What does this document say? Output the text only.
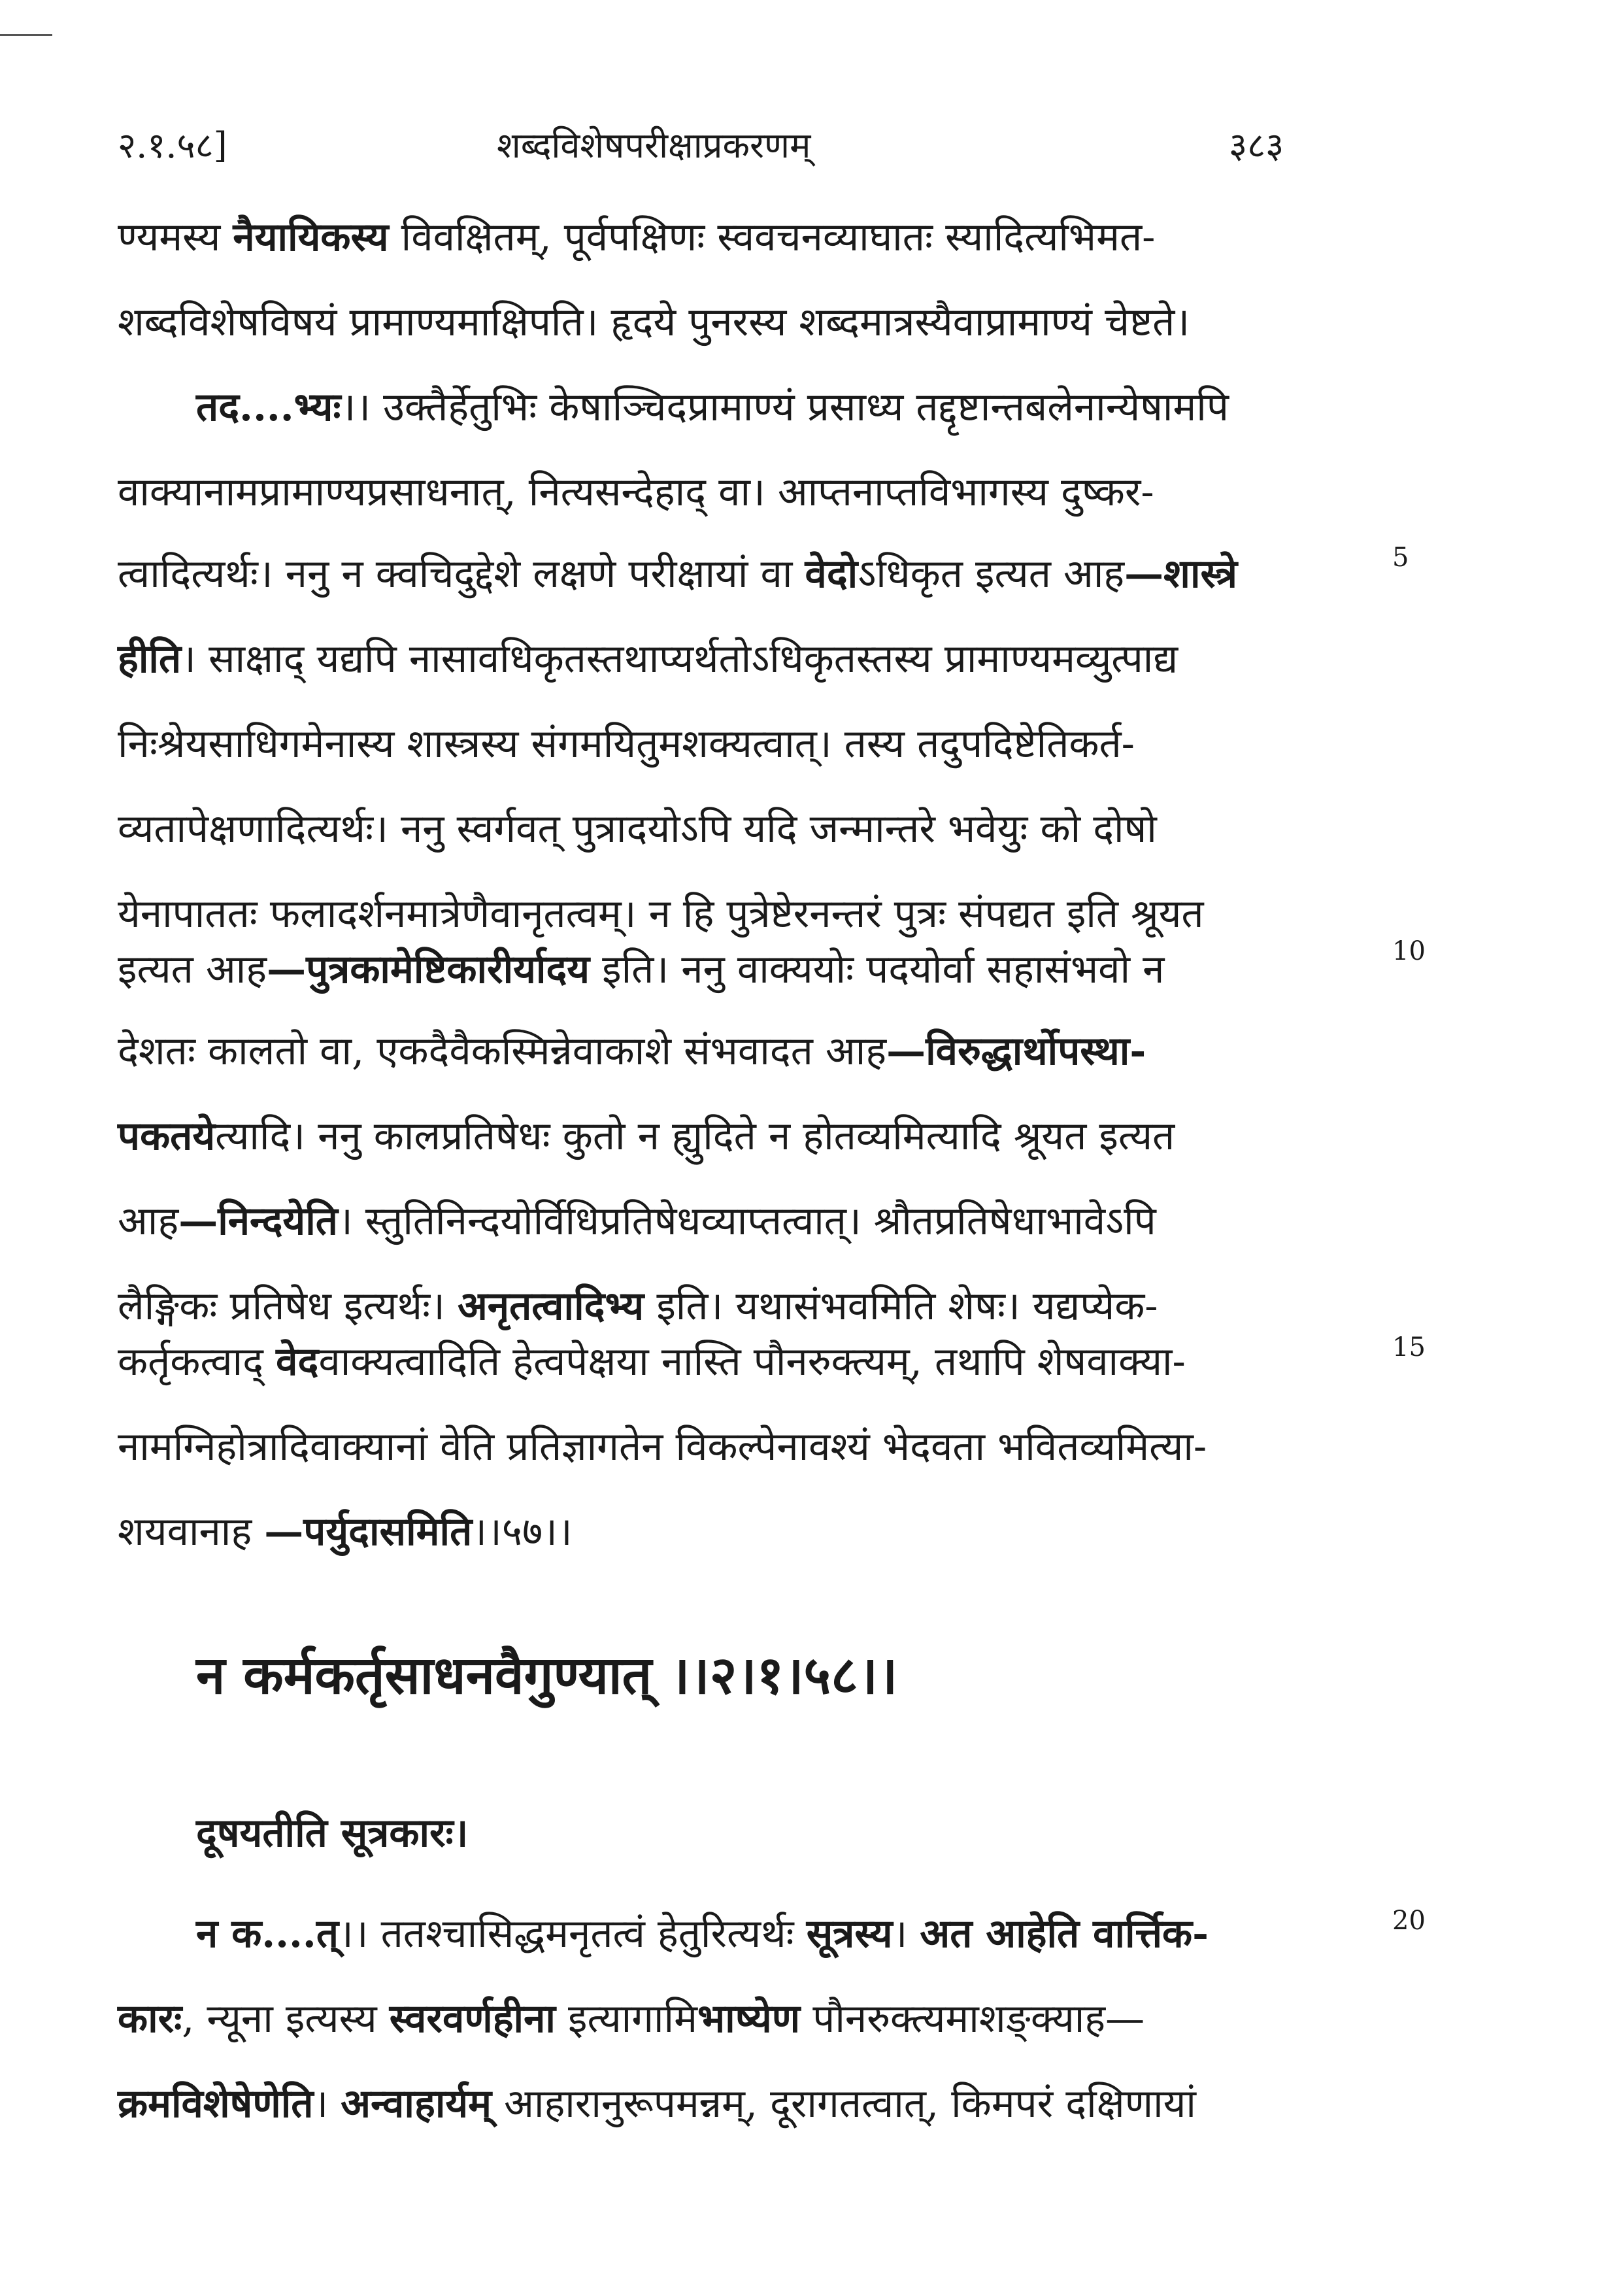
२.१.५८]	शब्दविशेषपरीक्षाप्रकरणम्	३८३
ण्यमस्य नैयायिकस्य विवक्षितम्, पूर्वपक्षिणः स्ववचनव्याघातः स्यादित्यभिमत-
शब्दविशेषविषयं प्रामाण्यमाक्षिपति। हृदये पुनरस्य शब्दमात्रस्यैवाप्रामाण्यं चेष्टते।
तद....भ्यः।। उक्तैर्हेतुभिः केषाञ्चिदप्रामाण्यं प्रसाध्य तद्दृष्टान्तबलेनान्येषामपि
वाक्यानामप्रामाण्यप्रसाधनात्, नित्यसन्देहाद् वा। आप्तनाप्तविभागस्य दुष्कर-
त्वादित्यर्थः। ननु न क्वचिदुद्देशे लक्षणे परीक्षायां वा वेदोऽधिकृत इत्यत आह—शास्त्रे
हीति। साक्षाद् यद्यपि नासावधिकृतस्तथाप्यर्थतोऽधिकृतस्तस्य प्रामाण्यमव्युत्पाद्य
निःश्रेयसाधिगमेनास्य शास्त्रस्य संगमयितुमशक्यत्वात्। तस्य तदुपदिष्टेतिकर्त-
व्यतापेक्षणादित्यर्थः। ननु स्वर्गवत् पुत्रादयोऽपि यदि जन्मान्तरे भवेयुः को दोषो
येनापाततः फलादर्शनमात्रेणैवानृतत्वम्। न हि पुत्रेष्टेरनन्तरं पुत्रः संपद्यत इति श्रूयत
इत्यत आह—पुत्रकामेष्टिकारीर्यादय इति। ननु वाक्ययोः पदयोर्वा सहासंभवो न
देशतः कालतो वा, एकदैवैकस्मिन्नेवाकाशे संभवादत आह—विरुद्धार्थोपस्था-
पकतयेत्यादि। ननु कालप्रतिषेधः कुतो न ह्युदिते न होतव्यमित्यादि श्रूयत इत्यत
आह—निन्दयेति। स्तुतिनिन्दयोर्विधिप्रतिषेधव्याप्तत्वात्। श्रौतप्रतिषेधाभावेऽपि
लैङ्गिकः प्रतिषेध इत्यर्थः। अनृतत्वादिभ्य इति। यथासंभवमिति शेषः। यद्यप्येक-
कर्तृकत्वाद् वेदवाक्यत्वादिति हेत्वपेक्षया नास्ति पौनरुक्त्यम्, तथापि शेषवाक्या-
नामग्निहोत्रादिवाक्यानां वेति प्रतिज्ञागतेन विकल्पेनावश्यं भेदवता भवितव्यमित्या-
शयवानाह —पर्युदासमिति।।५७।।
न क....त्।। ततश्चासिद्धमनृतत्वं हेतुरित्यर्थः सूत्रस्य। अत आहेति वार्त्तिक-
कारः, न्यूना इत्यस्य स्वरवर्णहीना इत्यागामिभाष्येण पौनरुक्त्यमाशङ्क्याह—
क्रमविशेषेणेति। अन्वाहार्यम् आहारानुरूपमन्नम्, दूरागतत्वात्, किमपरं दक्षिणायां
न कर्मकर्तृसाधनवैगुण्यात् ।।२।१।५८।।
दूषयतीति सूत्रकारः।
5
10
15
20
